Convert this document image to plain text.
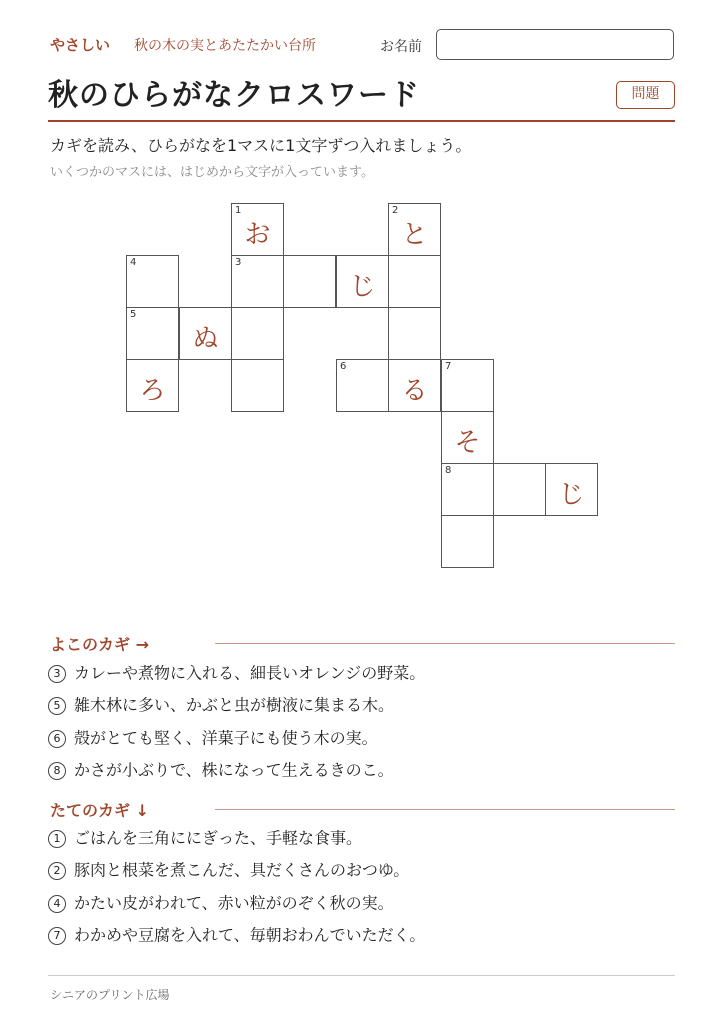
やさしい 秋の木の実とあたたかい台所	お名前
秋のひらがなクロスワード	問題
カギを読み、ひらがなを1マスに1文字ずつ入れましょう。
いくつかのマスには、はじめから文字が入っています。
1
お
2
と
4	3
じ
5
ぬ
ろ
6
る
7
そ
8
じ
よこのカギ →
3 カレーや煮物に入れる、細長いオレンジの野菜。
5 雑木林に多い、かぶと虫が樹液に集まる木。
6 殻がとても堅く、洋菓子にも使う木の実。
8 かさが小ぶりで、株になって生えるきのこ。
たてのカギ ↓
1 ごはんを三角ににぎった、手軽な食事。
2 豚肉と根菜を煮こんだ、具だくさんのおつゆ。
4 かたい皮がわれて、赤い粒がのぞく秋の実。
7 わかめや豆腐を入れて、毎朝おわんでいただく。
シニアのプリント広場
